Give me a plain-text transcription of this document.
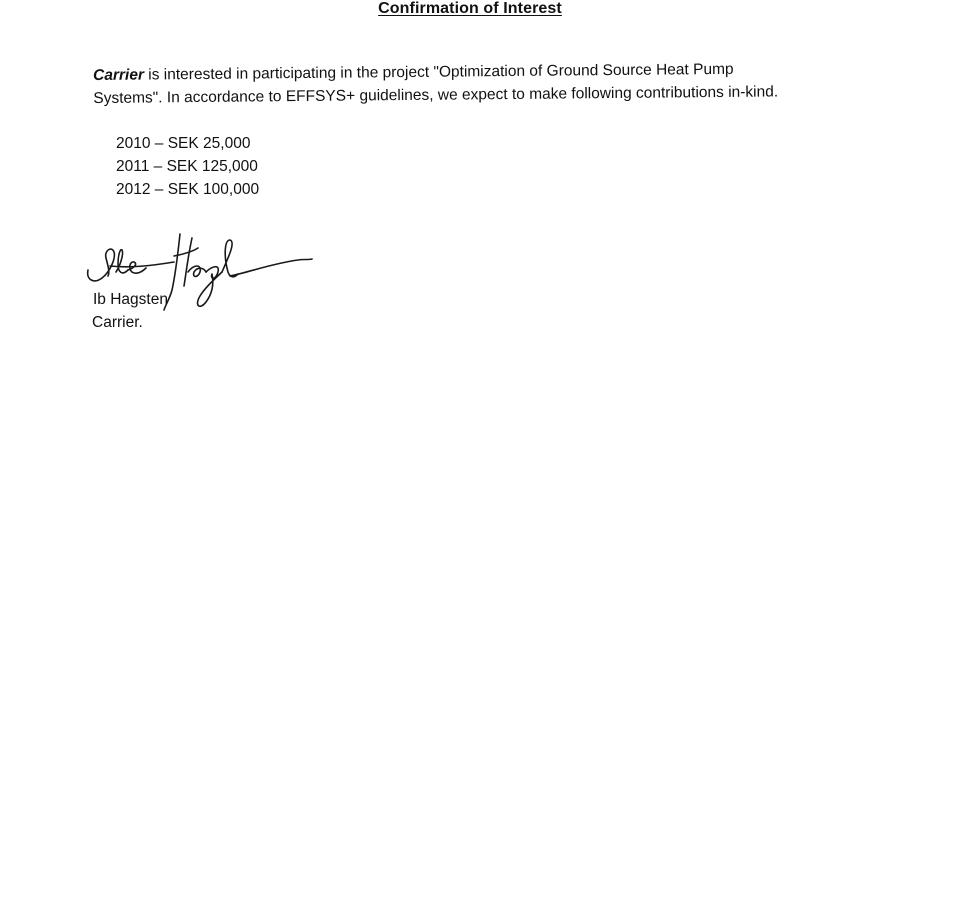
Confirmation of Interest
Carrier is interested in participating in the project "Optimization of Ground Source Heat Pump
Systems". In accordance to EFFSYS+ guidelines, we expect to make following contributions in-kind.
2010 – SEK 25,000
2011 – SEK 125,000
2012 – SEK 100,000
Ib Hagsten
Carrier.
